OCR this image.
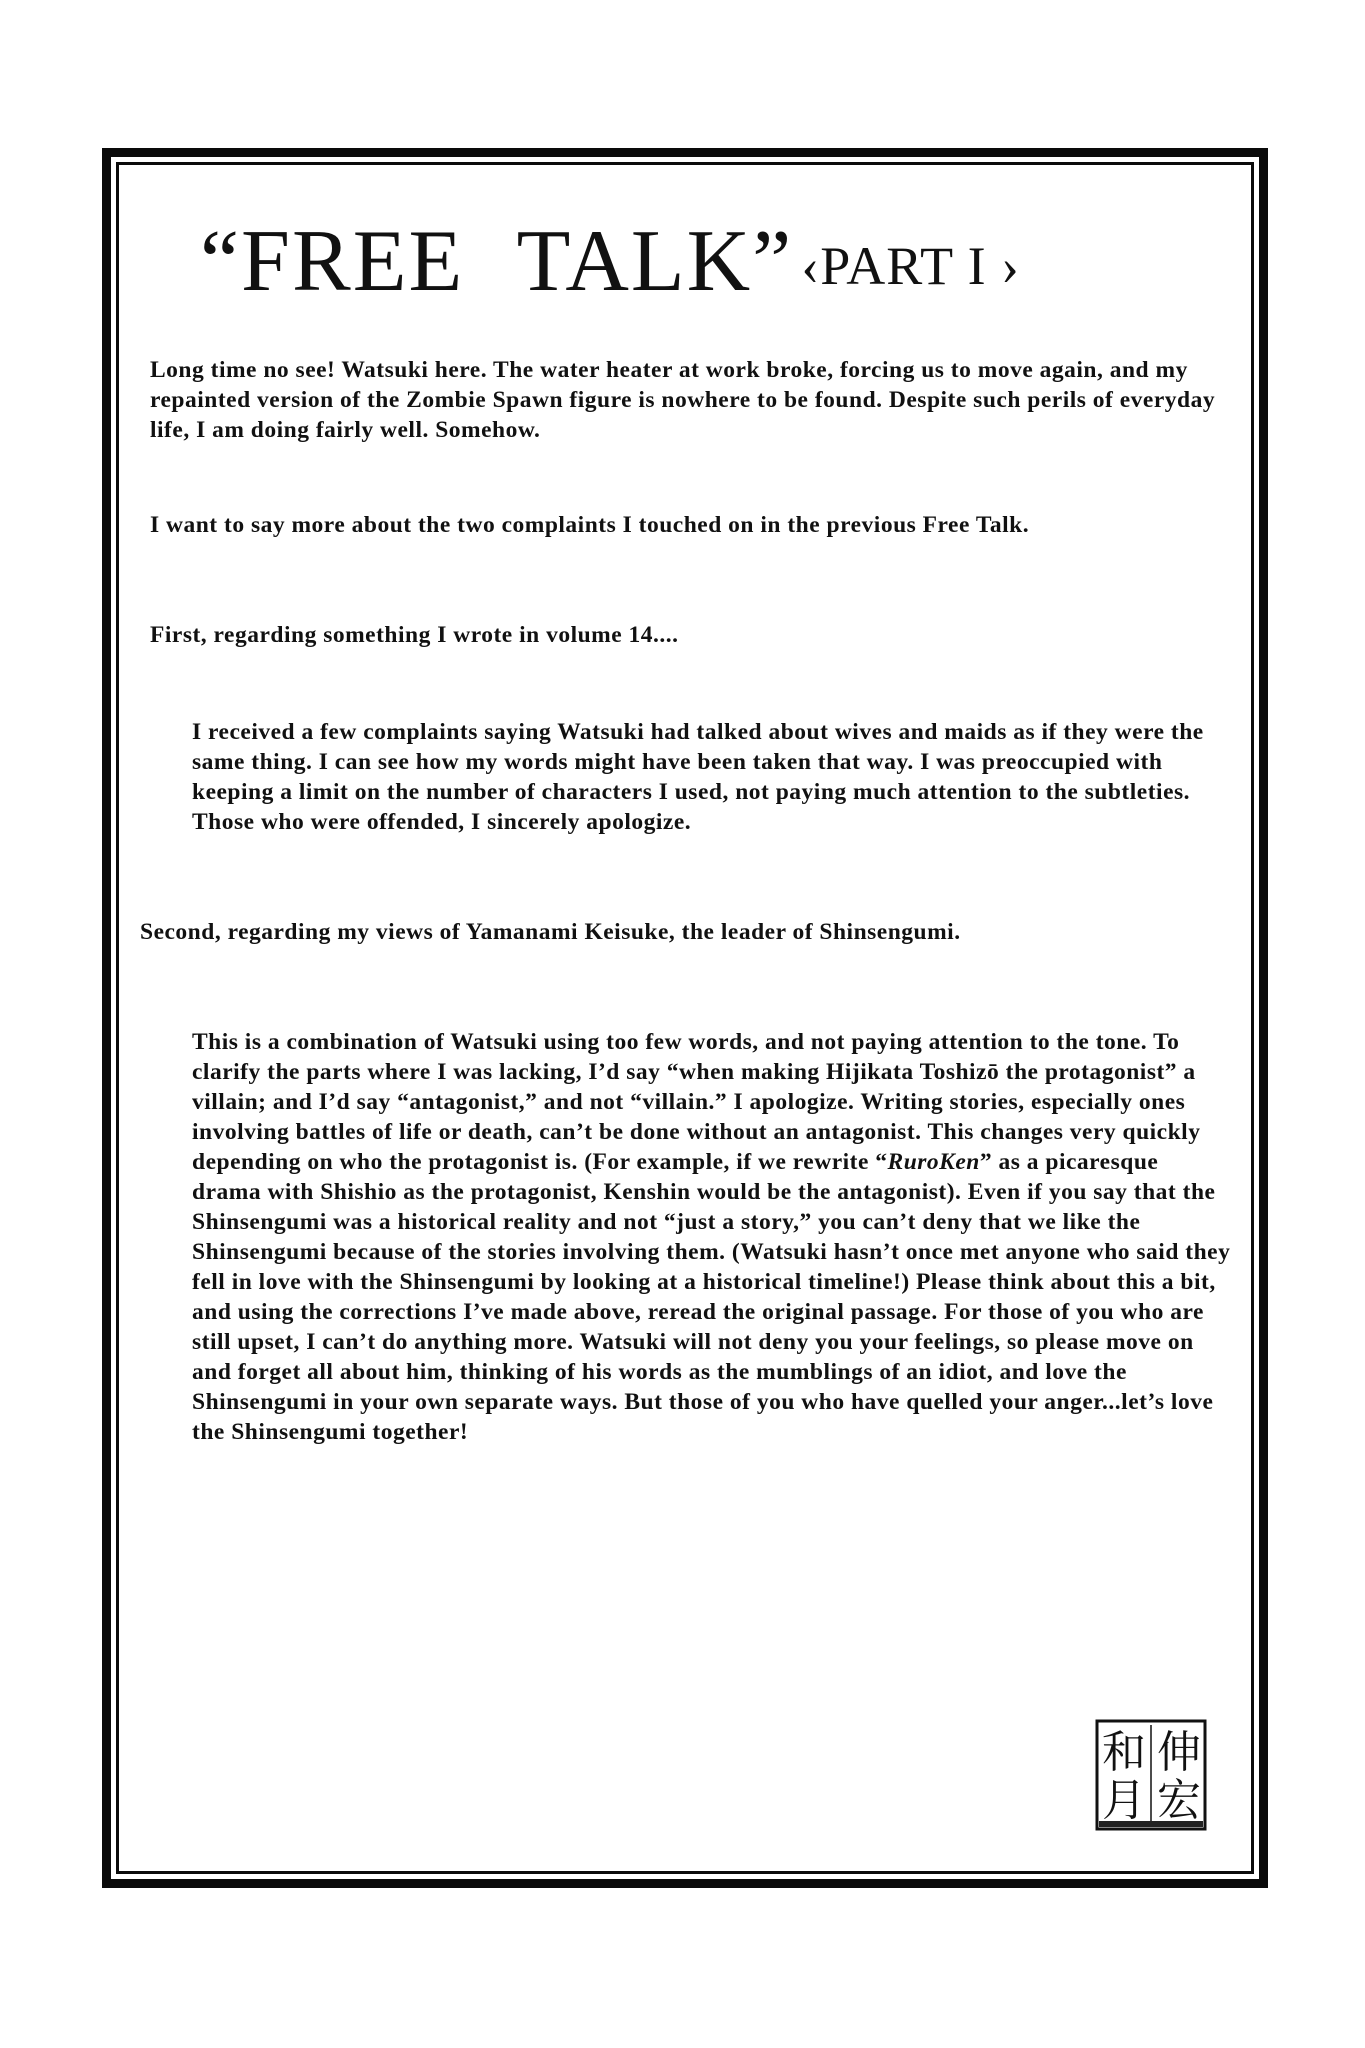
“FREE TALK” ‹PART I ›

Long time no see! Watsuki here. The water heater at work broke, forcing us to move again, and my repainted version of the Zombie Spawn figure is nowhere to be found. Despite such perils of everyday life, I am doing fairly well. Somehow.

I want to say more about the two complaints I touched on in the previous Free Talk.

First, regarding something I wrote in volume 14....

I received a few complaints saying Watsuki had talked about wives and maids as if they were the same thing. I can see how my words might have been taken that way. I was preoccupied with keeping a limit on the number of characters I used, not paying much attention to the subtleties. Those who were offended, I sincerely apologize.

Second, regarding my views of Yamanami Keisuke, the leader of Shinsengumi.

This is a combination of Watsuki using too few words, and not paying attention to the tone. To clarify the parts where I was lacking, I’d say “when making Hijikata Toshizō the protagonist” a villain; and I’d say “antagonist,” and not “villain.” I apologize. Writing stories, especially ones involving battles of life or death, can’t be done without an antagonist. This changes very quickly depending on who the protagonist is. (For example, if we rewrite “RuroKen” as a picaresque drama with Shishio as the protagonist, Kenshin would be the antagonist). Even if you say that the Shinsengumi was a historical reality and not “just a story,” you can’t deny that we like the Shinsengumi because of the stories involving them. (Watsuki hasn’t once met anyone who said they fell in love with the Shinsengumi by looking at a historical timeline!) Please think about this a bit, and using the corrections I’ve made above, reread the original passage. For those of you who are still upset, I can’t do anything more. Watsuki will not deny you your feelings, so please move on and forget all about him, thinking of his words as the mumblings of an idiot, and love the Shinsengumi in your own separate ways. But those of you who have quelled your anger...let’s love the Shinsengumi together!

伸
宏
和
月
